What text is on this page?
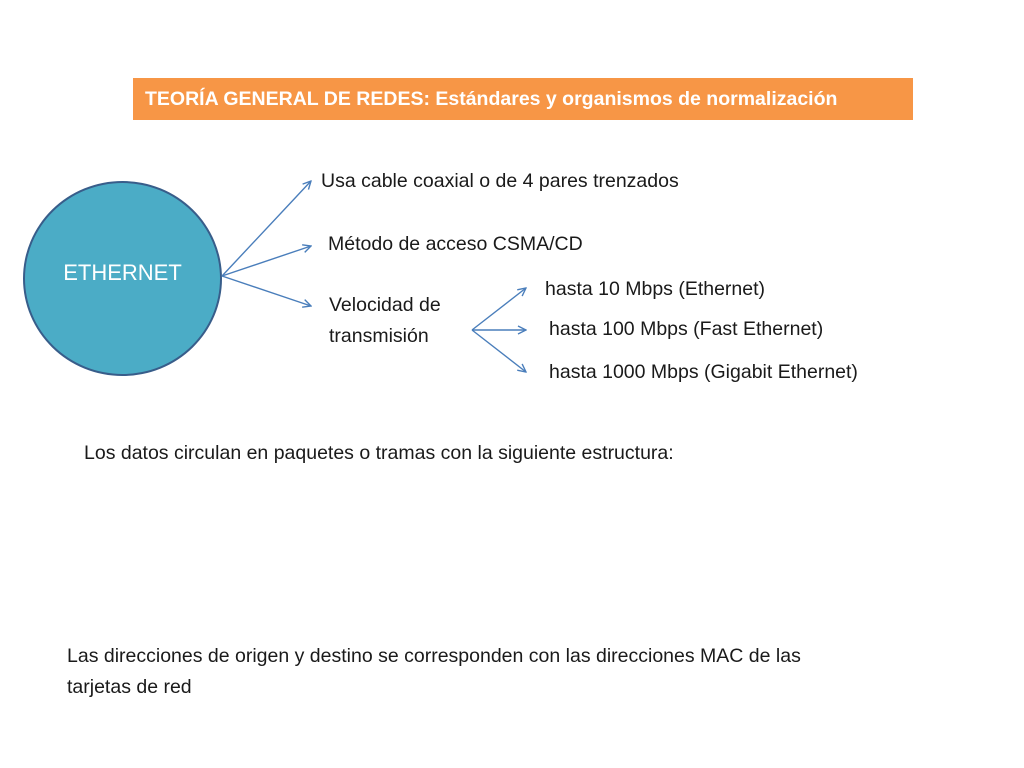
TEORÍA GENERAL DE REDES: Estándares y organismos de normalización
ETHERNET
Usa cable coaxial o de 4 pares trenzados
Método de acceso CSMA/CD
Velocidad de
transmisión
hasta 10 Mbps (Ethernet)
hasta 100 Mbps (Fast Ethernet)
hasta 1000 Mbps (Gigabit Ethernet)
Los datos circulan en paquetes o tramas con la siguiente estructura:
Las direcciones de origen y destino se corresponden con las direcciones MAC de las
tarjetas de red
